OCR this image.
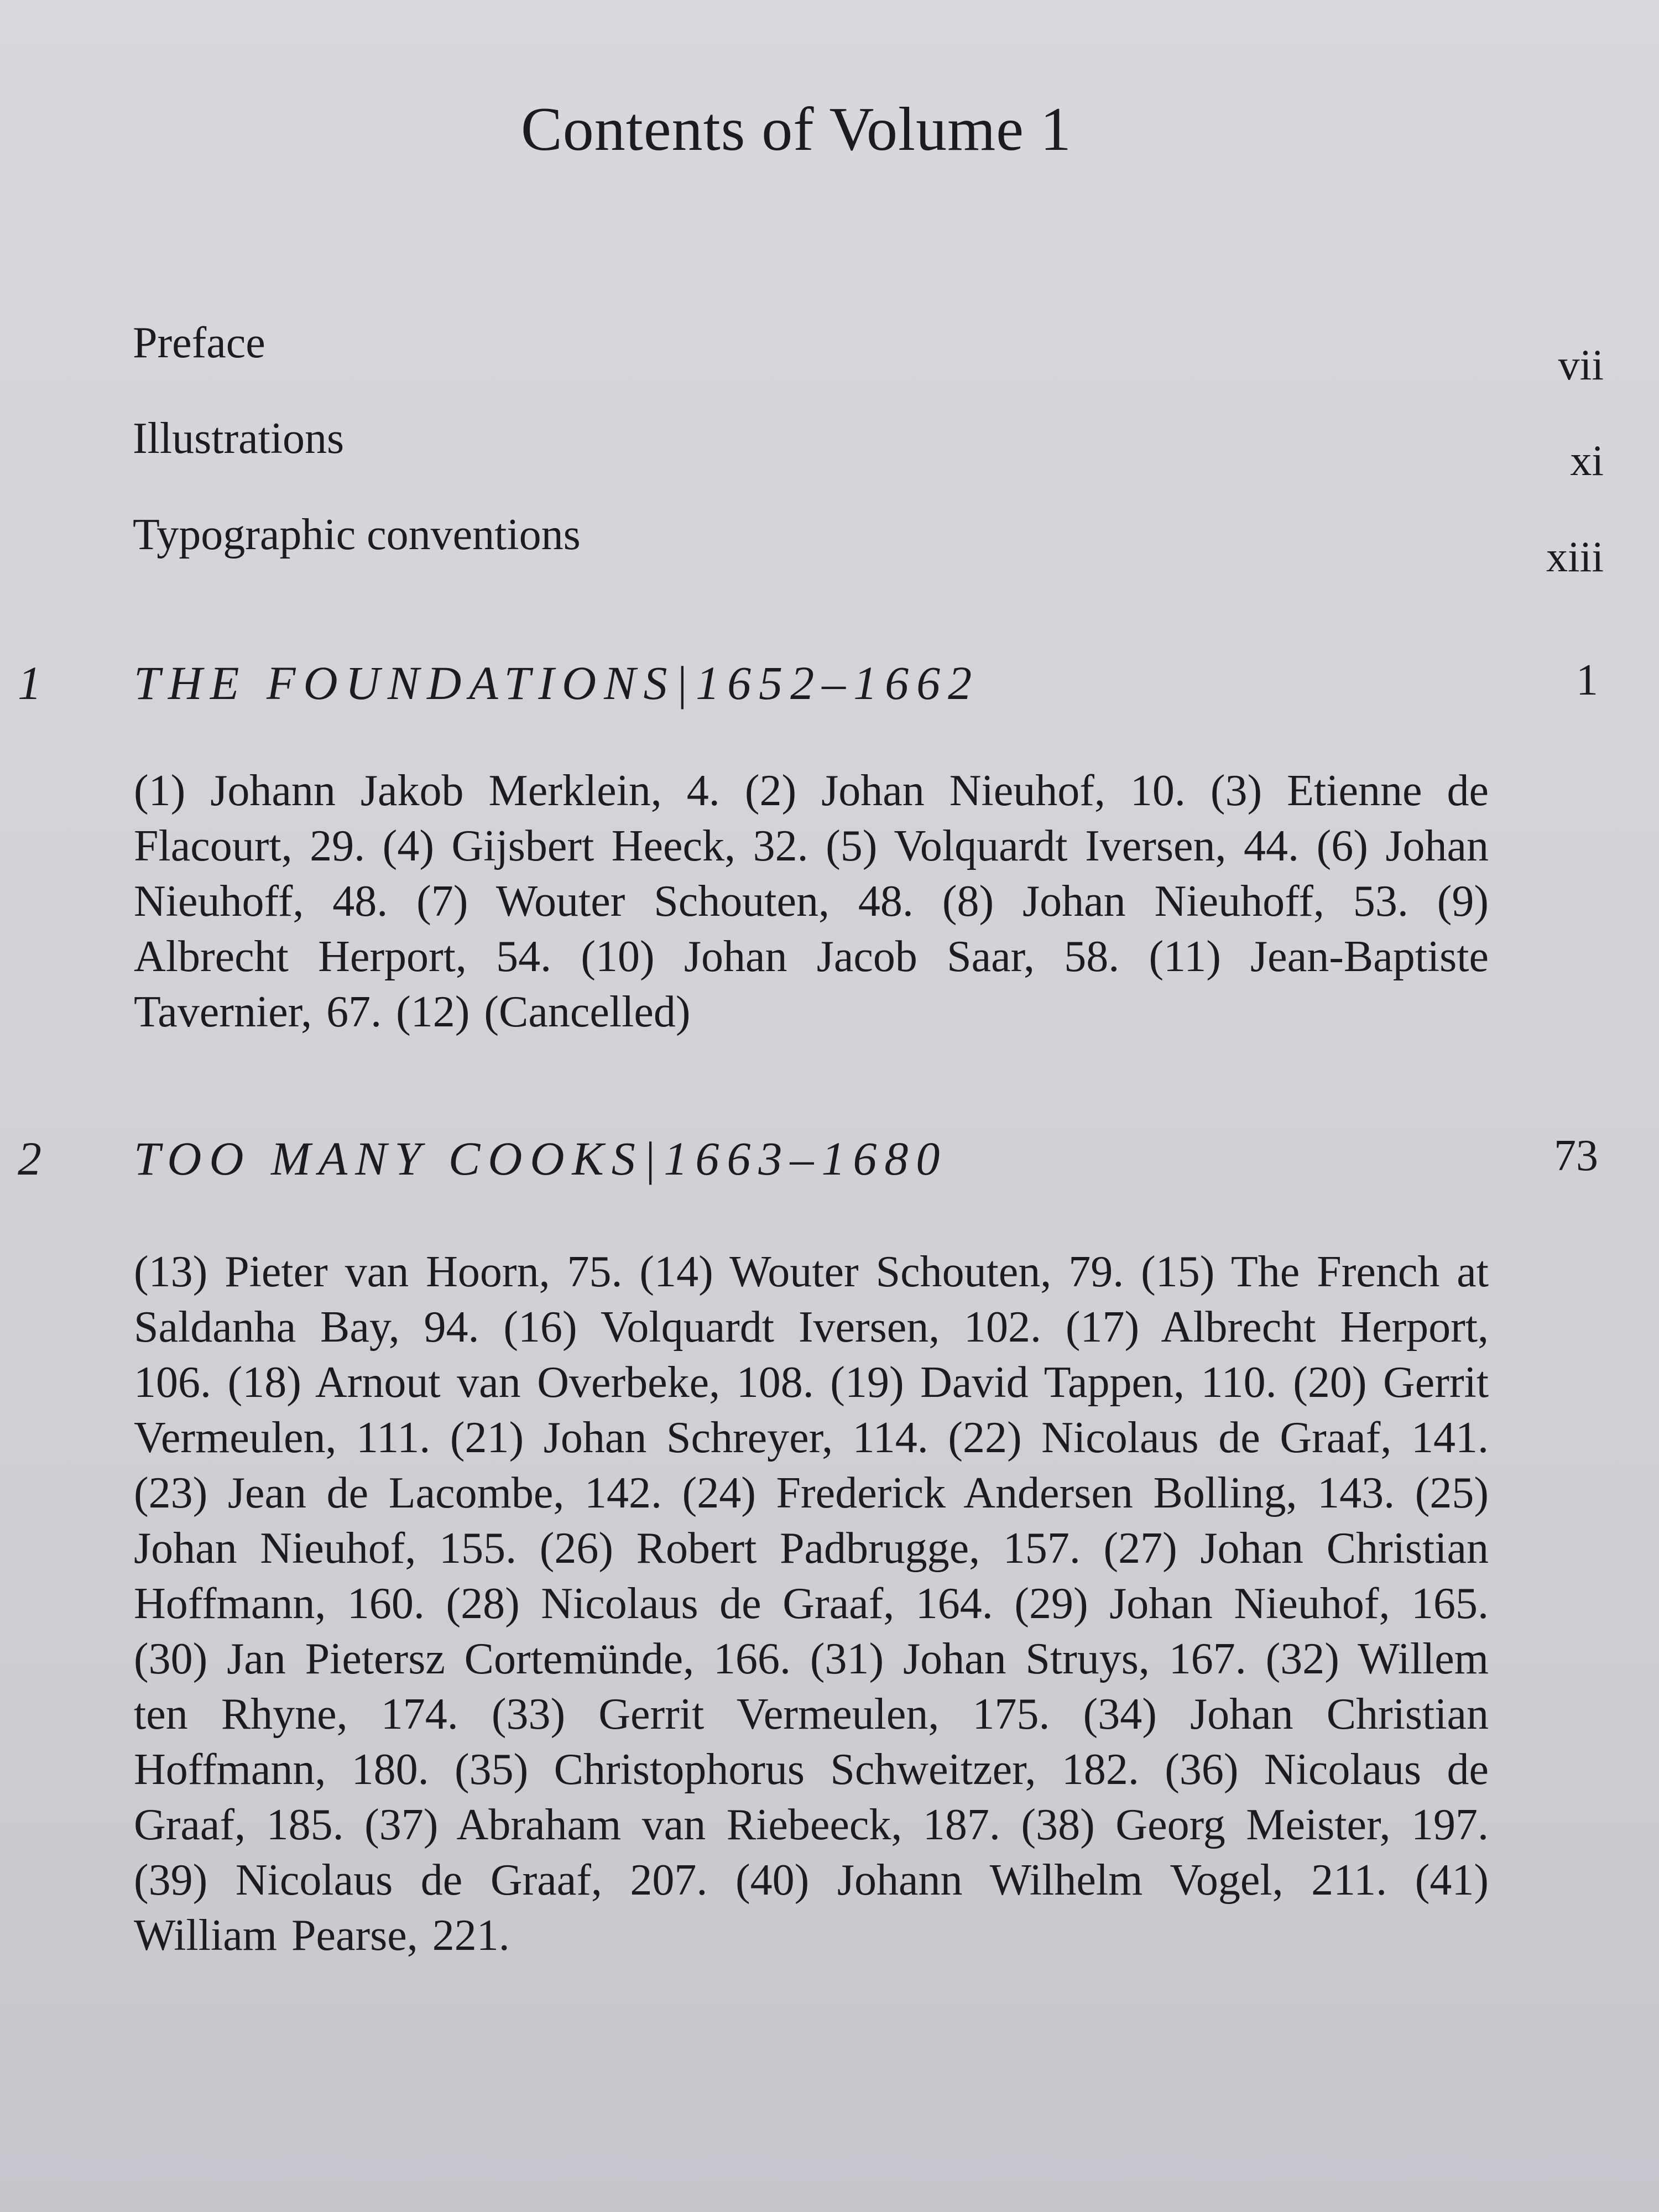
Contents of Volume 1
Preface	vii
Illustrations	xi
Typographic conventions	xiii
1 THE FOUNDATIONS|1652–1662	1
(1) Johann Jakob Merklein, 4. (2) Johan Nieuhof, 10. (3) Etienne de Flacourt, 29. (4) Gijsbert Heeck, 32. (5) Volquardt Iversen, 44. (6) Johan Nieuhoff, 48. (7) Wouter Schouten, 48. (8) Johan Nieuhoff, 53. (9) Albrecht Herport, 54. (10) Johan Jacob Saar, 58. (11) Jean-Baptiste Tavernier, 67. (12) (Cancelled)
2 TOO MANY COOKS|1663–1680	73
(13) Pieter van Hoorn, 75. (14) Wouter Schouten, 79. (15) The French at Saldanha Bay, 94. (16) Volquardt Iversen, 102. (17) Albrecht Herport, 106. (18) Arnout van Overbeke, 108. (19) David Tappen, 110. (20) Gerrit Vermeulen, 111. (21) Johan Schreyer, 114. (22) Nicolaus de Graaf, 141. (23) Jean de Lacombe, 142. (24) Frederick Andersen Bolling, 143. (25) Johan Nieuhof, 155. (26) Robert Padbrugge, 157. (27) Johan Christian Hoffmann, 160. (28) Nicolaus de Graaf, 164. (29) Johan Nieuhof, 165. (30) Jan Pietersz Cortemünde, 166. (31) Johan Struys, 167. (32) Willem ten Rhyne, 174. (33) Gerrit Vermeulen, 175. (34) Johan Christian Hoffmann, 180. (35) Christophorus Schweitzer, 182. (36) Nicolaus de Graaf, 185. (37) Abraham van Riebeeck, 187. (38) Georg Meister, 197. (39) Nicolaus de Graaf, 207. (40) Johann Wilhelm Vogel, 211. (41) William Pearse, 221.
